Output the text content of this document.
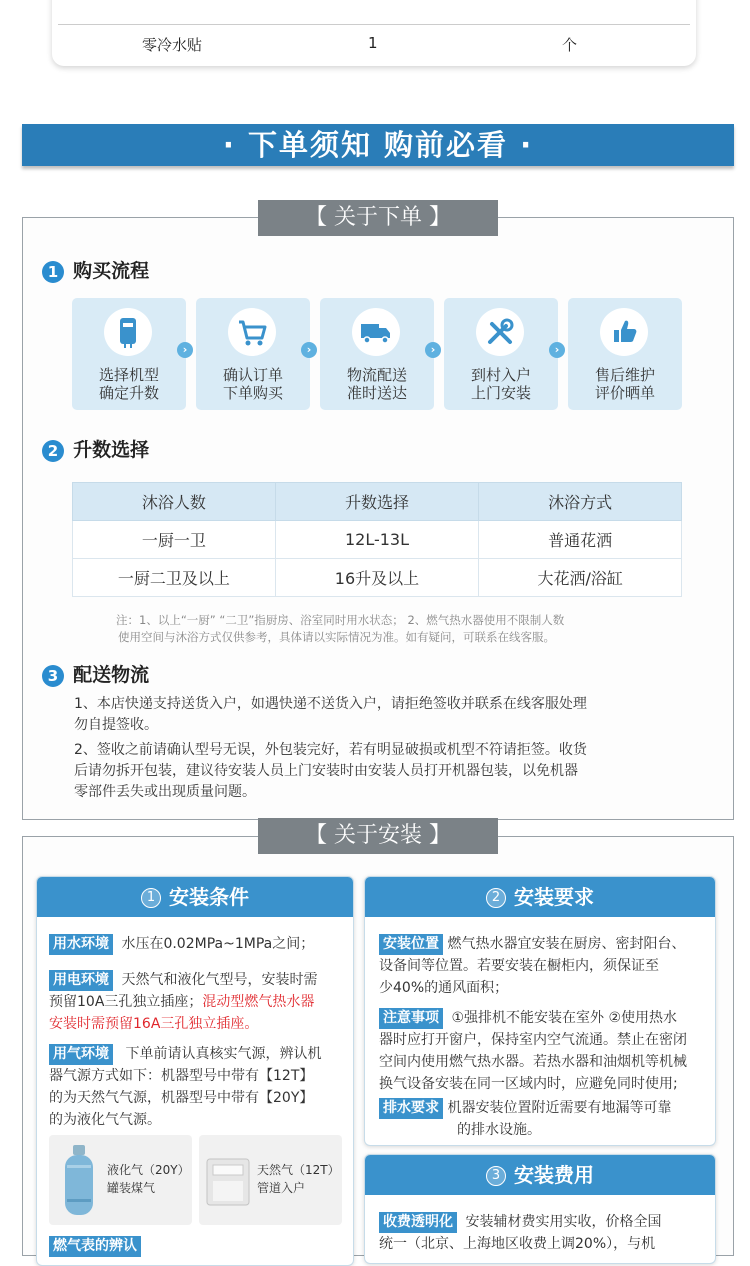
零冷水贴	1	个
· 下单须知 购前必看 ·
【 关于下单 】
1 购买流程
选择机型
确定升数
›
确认订单
下单购买
›
物流配送
准时送达
›
到村入户
上门安装
›
售后维护
评价晒单
2 升数选择
沐浴人数	升数选择	沐浴方式
一厨一卫	12L-13L	普通花洒
一厨二卫及以上	16升及以上	大花洒/浴缸
注：1、以上“一厨” “二卫”指厨房、浴室同时用水状态； 2、燃气热水器使用不限制人数
使用空间与沐浴方式仅供参考，具体请以实际情况为准。如有疑问，可联系在线客服。
3 配送物流
1、本店快递支持送货入户，如遇快递不送货入户，请拒绝签收并联系在线客服处理
勿自提签收。
2、签收之前请确认型号无误，外包装完好，若有明显破损或机型不符请拒签。收货
后请勿拆开包装，建议待安装人员上门安装时由安装人员打开机器包装，以免机器
零部件丢失或出现质量问题。
【 关于安装 】
1 安装条件
用水环境 水压在0.02MPa~1MPa之间；
用电环境 天然气和液化气型号，安装时需
预留10A三孔独立插座；混动型燃气热水器
安装时需预留16A三孔独立插座。
用气环境 下单前请认真核实气源，辨认机
器气源方式如下：机器型号中带有【12T】
的为天然气气源，机器型号中带有【20Y】
的为液化气气源。
液化气（20Y）
罐装煤气
天然气（12T）
管道入户
燃气表的辨认
2 安装要求
安装位置 燃气热水器宜安装在厨房、密封阳台、
设备间等位置。若要安装在橱柜内，须保证至
少40%的通风面积；
注意事项 ①强排机不能安装在室外 ②使用热水
器时应打开窗户，保持室内空气流通。禁止在密闭
空间内使用燃气热水器。若热水器和油烟机等机械
换气设备安装在同一区域内时，应避免同时使用;
排水要求 机器安装位置附近需要有地漏等可靠
的排水设施。
3 安装费用
收费透明化 安装辅材费实用实收，价格全国
统一（北京、上海地区收费上调20%），与机
